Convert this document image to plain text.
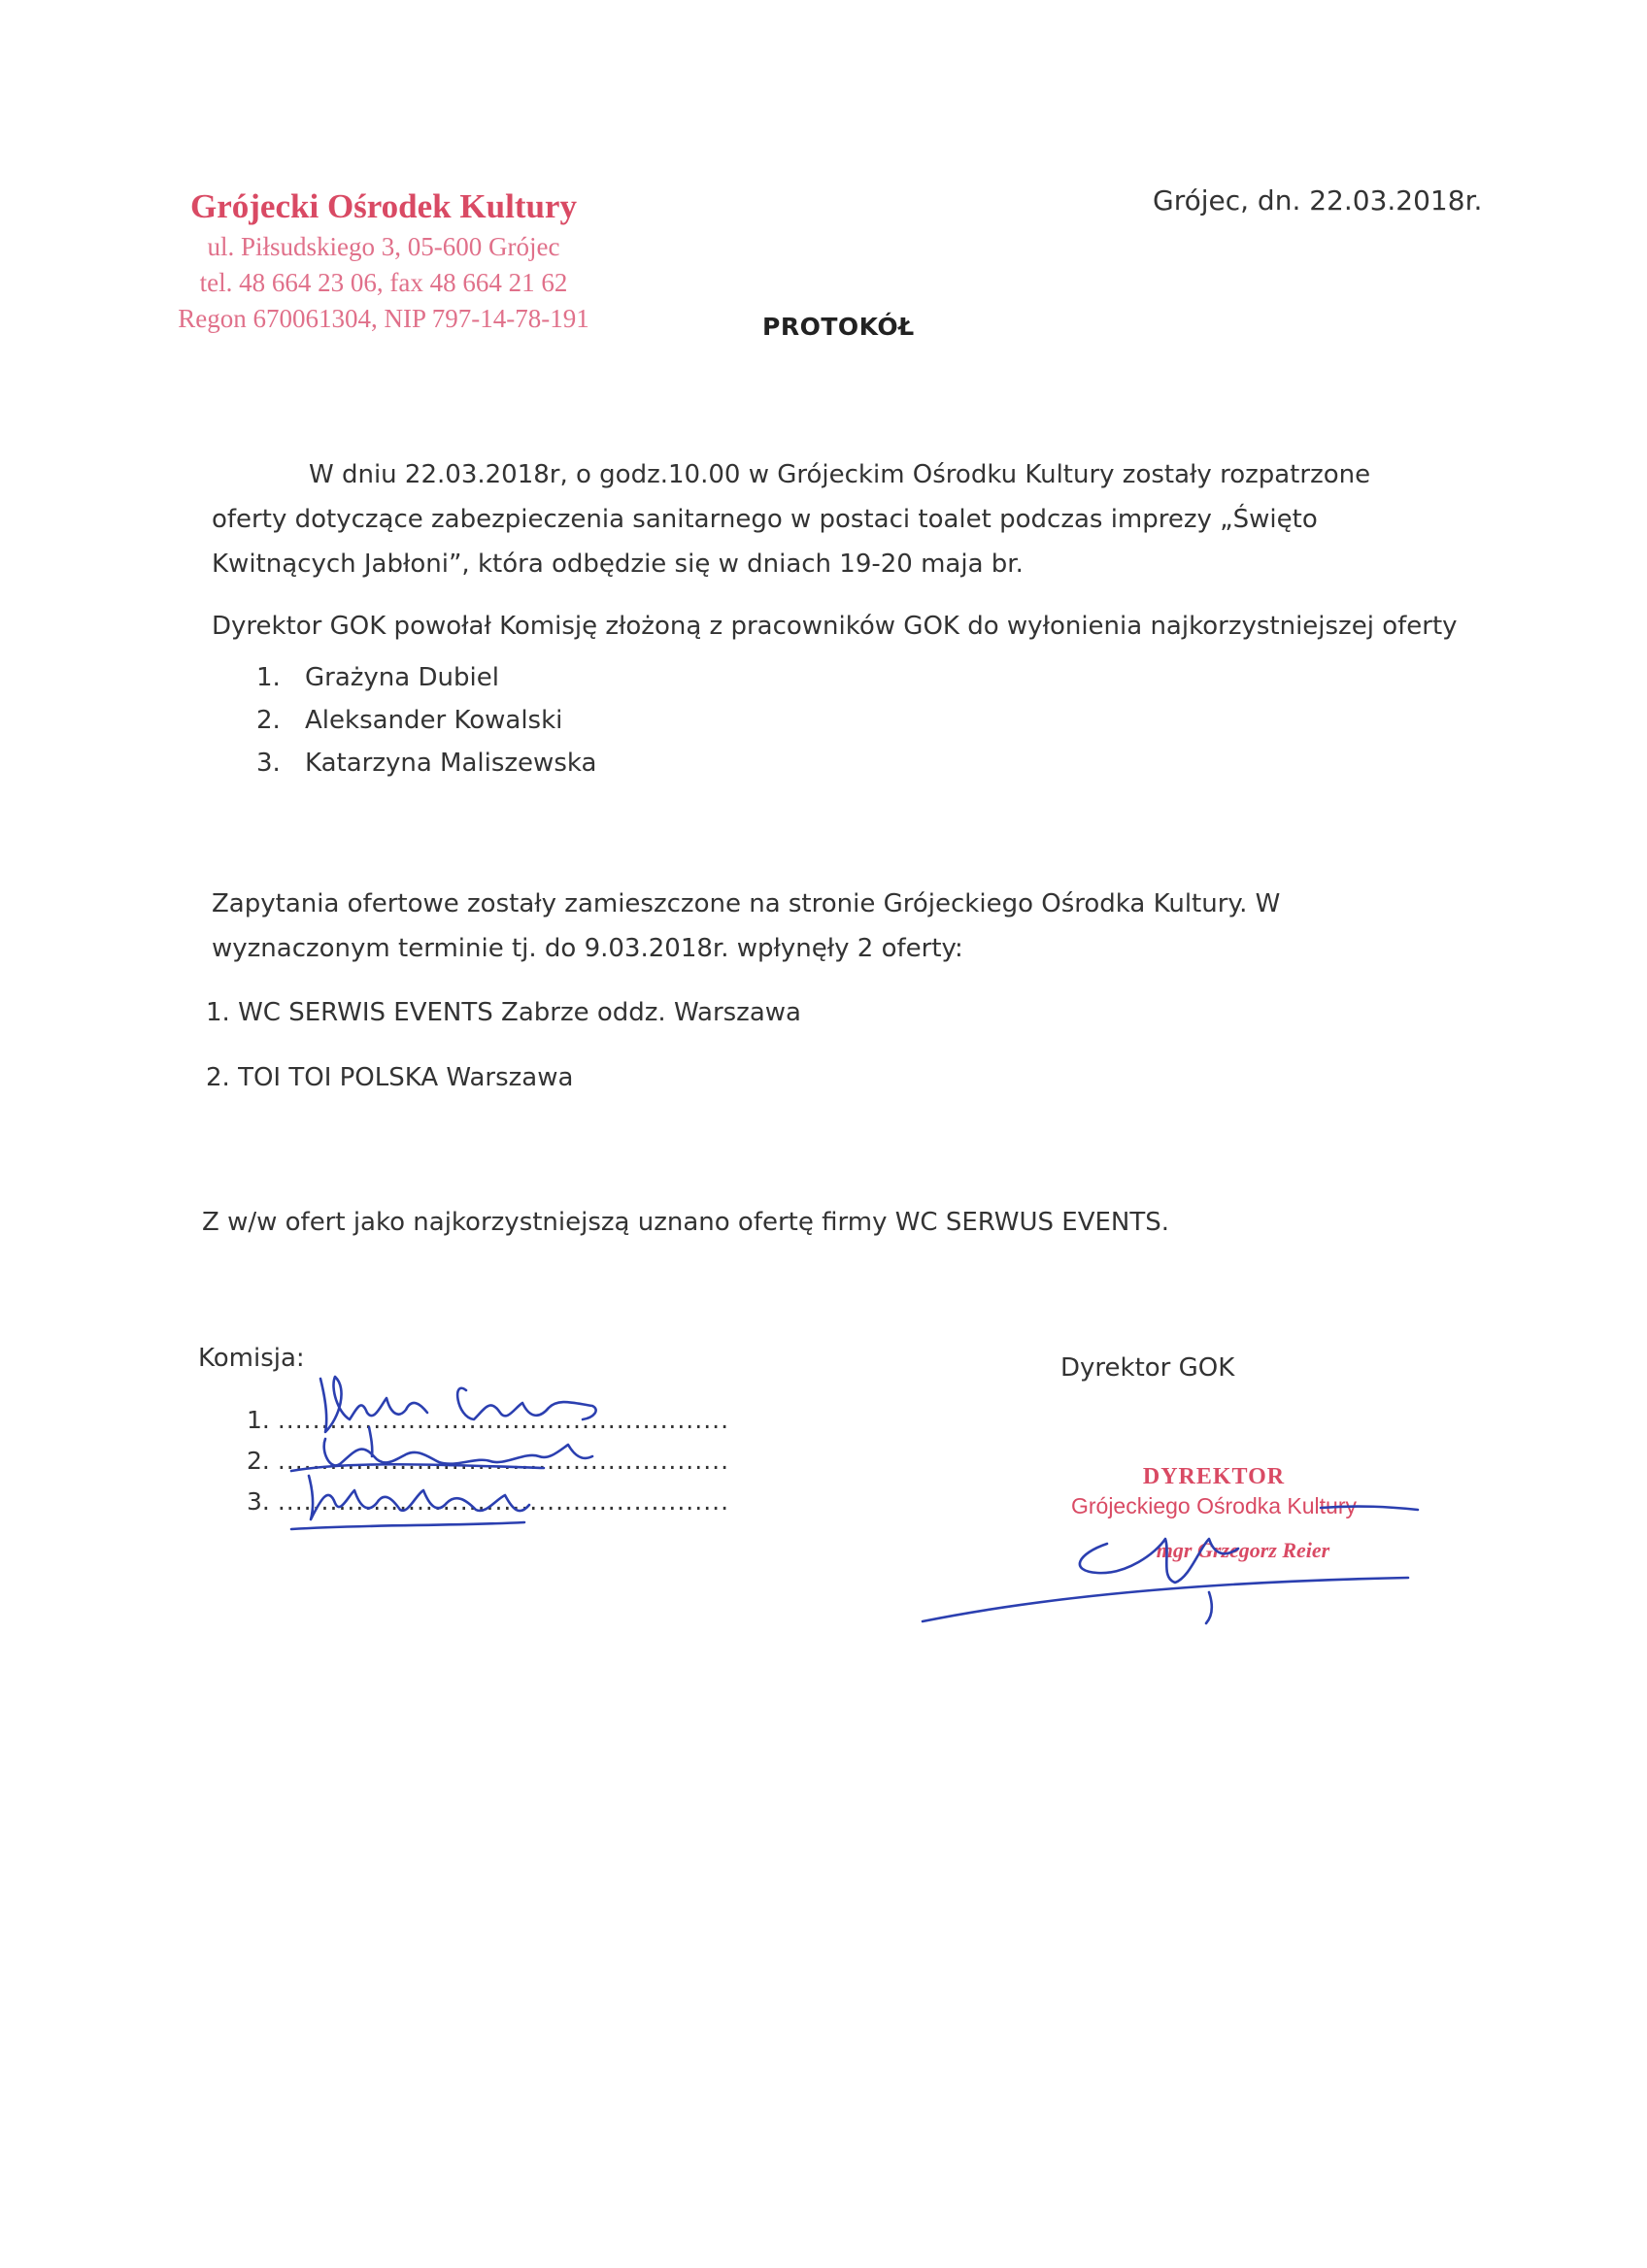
Grójecki Ośrodek Kultury
ul. Piłsudskiego 3, 05-600 Grójec
tel. 48 664 23 06, fax 48 664 21 62
Regon 670061304, NIP 797-14-78-191
Grójec, dn. 22.03.2018r.
PROTOKÓŁ
W dniu 22.03.2018r, o godz.10.00 w Grójeckim Ośrodku Kultury zostały rozpatrzone oferty dotyczące zabezpieczenia sanitarnego w postaci toalet podczas imprezy „Święto Kwitnących Jabłoni”, która odbędzie się w dniach 19-20 maja br.
Dyrektor GOK powołał Komisję złożoną z pracowników GOK do wyłonienia najkorzystniejszej oferty
1. Grażyna Dubiel
2. Aleksander Kowalski
3. Katarzyna Maliszewska
Zapytania ofertowe zostały zamieszczone na stronie Grójeckiego Ośrodka Kultury. W wyznaczonym terminie tj. do 9.03.2018r. wpłynęły 2 oferty:
1. WC SERWIS EVENTS Zabrze oddz. Warszawa
2. TOI TOI POLSKA Warszawa
Z w/w ofert jako najkorzystniejszą uznano ofertę firmy WC SERWUS EVENTS.
Komisja:
1. ....................................................
2. ....................................................
3. ....................................................
Dyrektor GOK
DYREKTOR
Grójeckiego Ośrodka Kultury
mgr Grzegorz Reier
